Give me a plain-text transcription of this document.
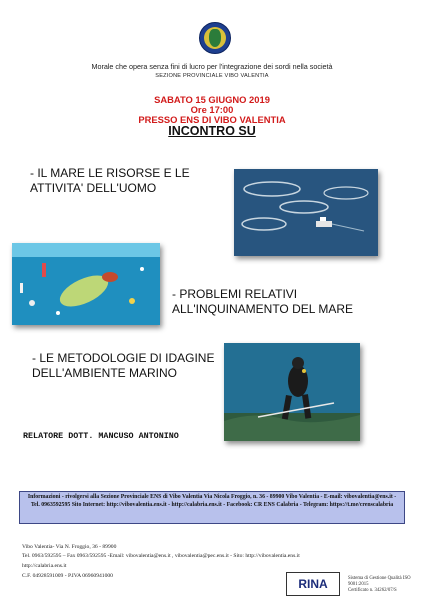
Morale che opera senza fini di lucro per l'integrazione dei sordi nella società
SEZIONE PROVINCIALE VIBO VALENTIA
SABATO 15 GIUGNO 2019
Ore 17:00
PRESSO ENS DI VIBO VALENTIA
INCONTRO SU
- IL MARE LE RISORSE E LE ATTIVITA' DELL'UOMO
- PROBLEMI RELATIVI ALL'INQUINAMENTO DEL MARE
- LE METODOLOGIE DI IDAGINE DELL'AMBIENTE MARINO
RELATORE DOTT. MANCUSO ANTONINO
Informazioni - rivolgersi alla Sezione Provinciale ENS di Vibo Valentia Via Nicola Froggio, n. 36 - 89900 Vibo Valentia - E-mail: vibovalentia@ens.it - Tel. 0963592595 Sito Internet: http://vibovalentia.ens.it - http://calabria.ens.it - Facebook: CR ENS Calabria - Telegram: https://t.me/crenscalabria
Vibo Valentia- Via N. Froggio, 36 - 89900
Tel. 0963/592595 – Fax 0963/592595 -Email: vibovalentia@ens.it , vibovalentia@pec.ens.it - Sito: http://vibovalentia.ens.it
http://calabria.ens.it
C.F. 04928591009 - P.IVA 06960941000
RINA	Sistema di Gestione Qualità ISO 9001:2015
Certificato n. 34262/07/S
